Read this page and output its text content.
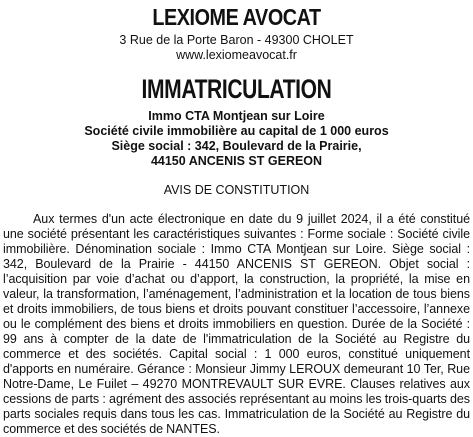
LEXIOME AVOCAT

3 Rue de la Porte Baron - 49300 CHOLET

www.lexiomeavocat.fr

IMMATRICULATION
Immo CTA Montjean sur Loire
Société civile immobilière au capital de 1 000 euros
Siège social : 342, Boulevard de la Prairie,
44150 ANCENIS ST GEREON

AVIS DE CONSTITUTION

Aux termes d'un acte électronique en date du 9 juillet 2024, il a été constitué une société présentant les caractéristiques suivantes : Forme sociale : Société civile immobilière. Dénomination sociale : Immo CTA Montjean sur Loire. Siège social : 342, Boulevard de la Prairie - 44150 ANCENIS ST GEREON. Objet social : l’acquisition par voie d’achat ou d’apport, la construction, la propriété, la mise en valeur, la transformation, l’aménagement, l’administration et la location de tous biens et droits immobiliers, de tous biens et droits pouvant constituer l’accessoire, l’annexe ou le complément des biens et droits immobiliers en question. Durée de la Société : 99 ans à compter de la date de l'immatriculation de la Société au Registre du commerce et des sociétés. Capital social : 1 000 euros, constitué uniquement d'apports en numéraire. Gérance : Monsieur Jimmy LEROUX demeurant 10 Ter, Rue Notre-Dame, Le Fuilet – 49270 MONTREVAULT SUR EVRE. Clauses relatives aux cessions de parts : agrément des associés représentant au moins les trois-quarts des parts sociales requis dans tous les cas. Immatriculation de la Société au Registre du commerce et des sociétés de NANTES.
